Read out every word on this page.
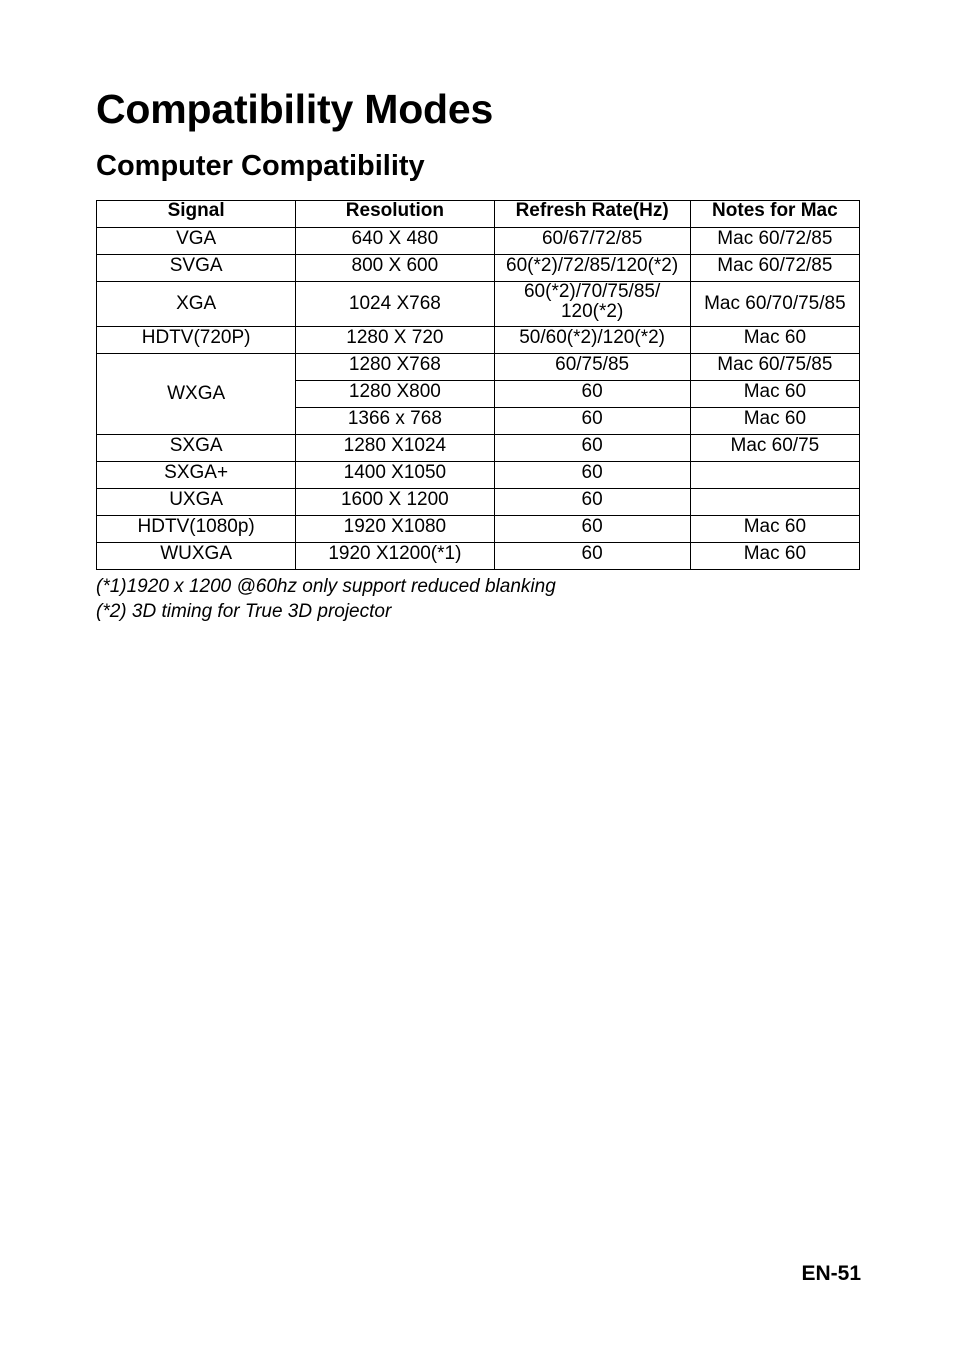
Compatibility Modes
Computer Compatibility
Signal	Resolution	Refresh Rate(Hz)	Notes for Mac
VGA	640 X 480	60/67/72/85	Mac 60/72/85
SVGA	800 X 600	60(*2)/72/85/120(*2)	Mac 60/72/85
XGA	1024 X768	60(*2)/70/75/85/ 120(*2)	Mac 60/70/75/85
HDTV(720P)	1280 X 720	50/60(*2)/120(*2)	Mac 60
WXGA	1280 X768	60/75/85	Mac 60/75/85
	1280 X800	60	Mac 60
	1366 x 768	60	Mac 60
SXGA	1280 X1024	60	Mac 60/75
SXGA+	1400 X1050	60	
UXGA	1600 X 1200	60	
HDTV(1080p)	1920 X1080	60	Mac 60
WUXGA	1920 X1200(*1)	60	Mac 60
(*1)1920 x 1200 @60hz only support reduced blanking
(*2) 3D timing for True 3D projector
EN-51
